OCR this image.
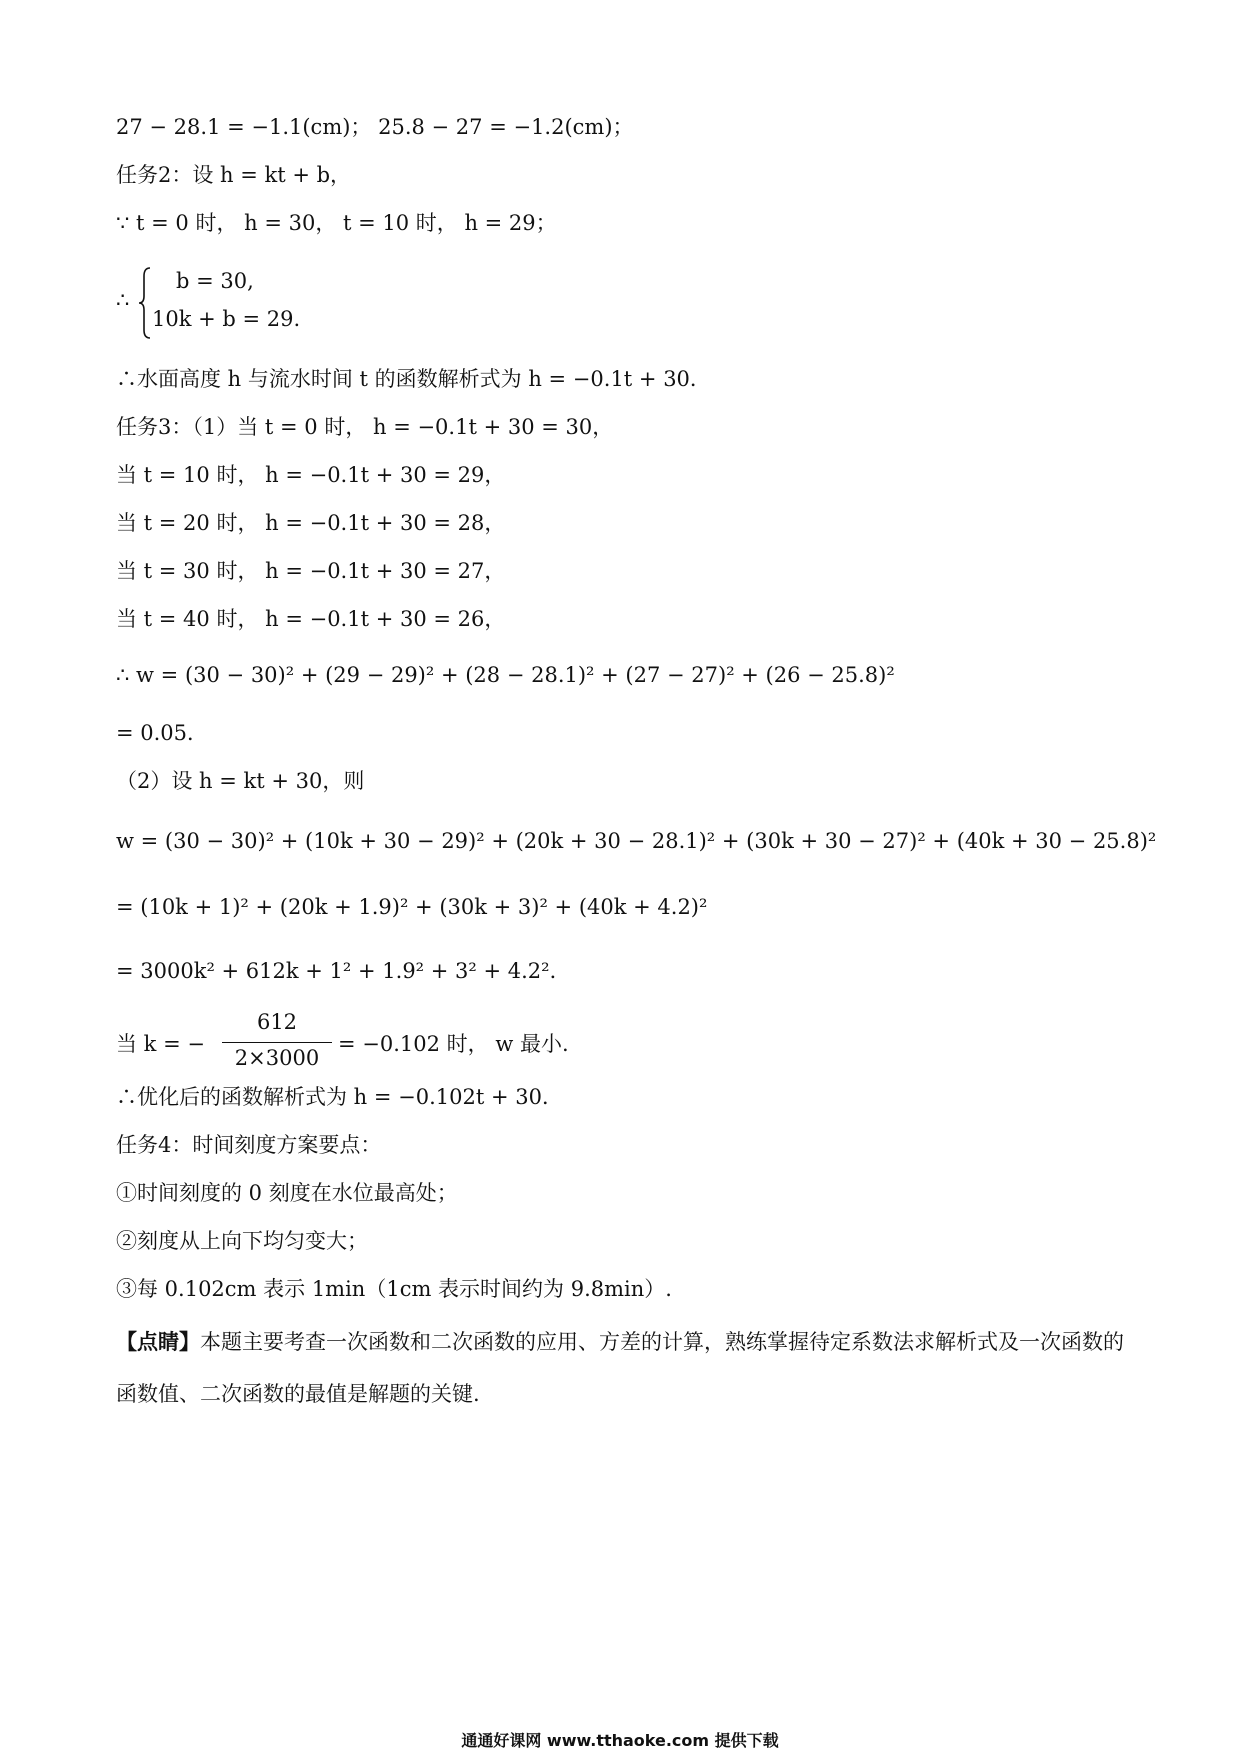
27 − 28.1 = −1.1(cm)； 25.8 − 27 = −1.2(cm)；
任务2：设 h = kt + b，
∵ t = 0 时， h = 30， t = 10 时， h = 29；
∴
b = 30,
10k + b = 29.
∴水面高度 h 与流水时间 t 的函数解析式为 h = −0.1t + 30．
任务3：（1）当 t = 0 时， h = −0.1t + 30 = 30，
当 t = 10 时， h = −0.1t + 30 = 29，
当 t = 20 时， h = −0.1t + 30 = 28，
当 t = 30 时， h = −0.1t + 30 = 27，
当 t = 40 时， h = −0.1t + 30 = 26，
∴ w = (30 − 30)² + (29 − 29)² + (28 − 28.1)² + (27 − 27)² + (26 − 25.8)²
= 0.05．
（2）设 h = kt + 30，则
w = (30 − 30)² + (10k + 30 − 29)² + (20k + 30 − 28.1)² + (30k + 30 − 27)² + (40k + 30 − 25.8)²
= (10k + 1)² + (20k + 1.9)² + (30k + 3)² + (40k + 4.2)²
= 3000k² + 612k + 1² + 1.9² + 3² + 4.2²．
当 k = −
612
2×3000
= −0.102 时， w 最小.
∴优化后的函数解析式为 h = −0.102t + 30．
任务4：时间刻度方案要点：
①时间刻度的 0 刻度在水位最高处；
②刻度从上向下均匀变大；
③每 0.102cm 表示 1min（1cm 表示时间约为 9.8min）.
【点睛】本题主要考查一次函数和二次函数的应用、方差的计算，熟练掌握待定系数法求解析式及一次函数的函数值、二次函数的最值是解题的关键.
通通好课网 www.tthaoke.com 提供下载
